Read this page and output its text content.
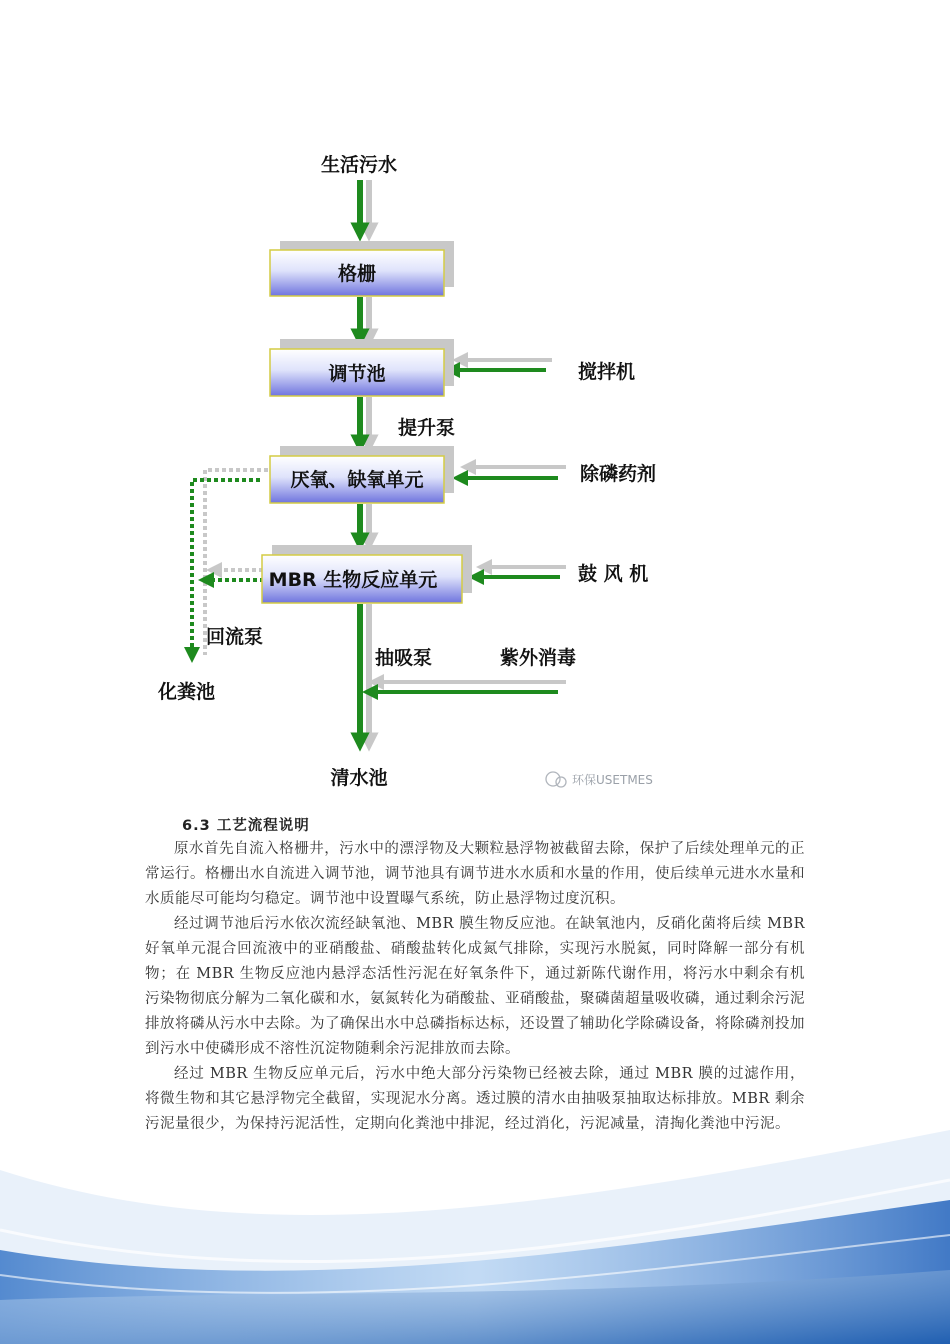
格栅
调节池
厌氧、缺氧单元
MBR 生物反应单元
生活污水
搅拌机
提升泵
除磷药剂
鼓 风 机
回流泵
抽吸泵	紫外消毒
化粪池
清水池	环保USETMES
6.3 工艺流程说明

原水首先自流入格栅井，污水中的漂浮物及大颗粒悬浮物被截留去除，保护了后续处理单元的正常运行。格栅出水自流进入调节池，调节池具有调节进水水质和水量的作用，使后续单元进水水量和水质能尽可能均匀稳定。调节池中设置曝气系统，防止悬浮物过度沉积。

经过调节池后污水依次流经缺氧池、MBR 膜生物反应池。在缺氧池内，反硝化菌将后续 MBR 好氧单元混合回流液中的亚硝酸盐、硝酸盐转化成氮气排除，实现污水脱氮，同时降解一部分有机物；在 MBR 生物反应池内悬浮态活性污泥在好氧条件下，通过新陈代谢作用，将污水中剩余有机污染物彻底分解为二氧化碳和水，氨氮转化为硝酸盐、亚硝酸盐，聚磷菌超量吸收磷，通过剩余污泥排放将磷从污水中去除。为了确保出水中总磷指标达标，还设置了辅助化学除磷设备，将除磷剂投加到污水中使磷形成不溶性沉淀物随剩余污泥排放而去除。

经过 MBR 生物反应单元后，污水中绝大部分污染物已经被去除，通过 MBR 膜的过滤作用，将微生物和其它悬浮物完全截留，实现泥水分离。透过膜的清水由抽吸泵抽取达标排放。MBR 剩余污泥量很少，为保持污泥活性，定期向化粪池中排泥，经过消化，污泥减量，清掏化粪池中污泥。
